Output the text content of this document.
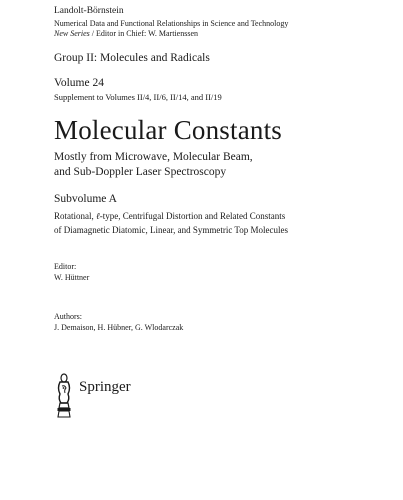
Landolt-Börnstein
Numerical Data and Functional Relationships in Science and Technology
New Series / Editor in Chief: W. Martienssen
Group II: Molecules and Radicals
Volume 24
Supplement to Volumes II/4, II/6, II/14, and II/19
Molecular Constants
Mostly from Microwave, Molecular Beam,
and Sub-Doppler Laser Spectroscopy
Subvolume A
Rotational, ℓ-type, Centrifugal Distortion and Related Constants
of Diamagnetic Diatomic, Linear, and Symmetric Top Molecules
Editor:
W. Hüttner
Authors:
J. Demaison, H. Hübner, G. Wlodarczak
Springer
